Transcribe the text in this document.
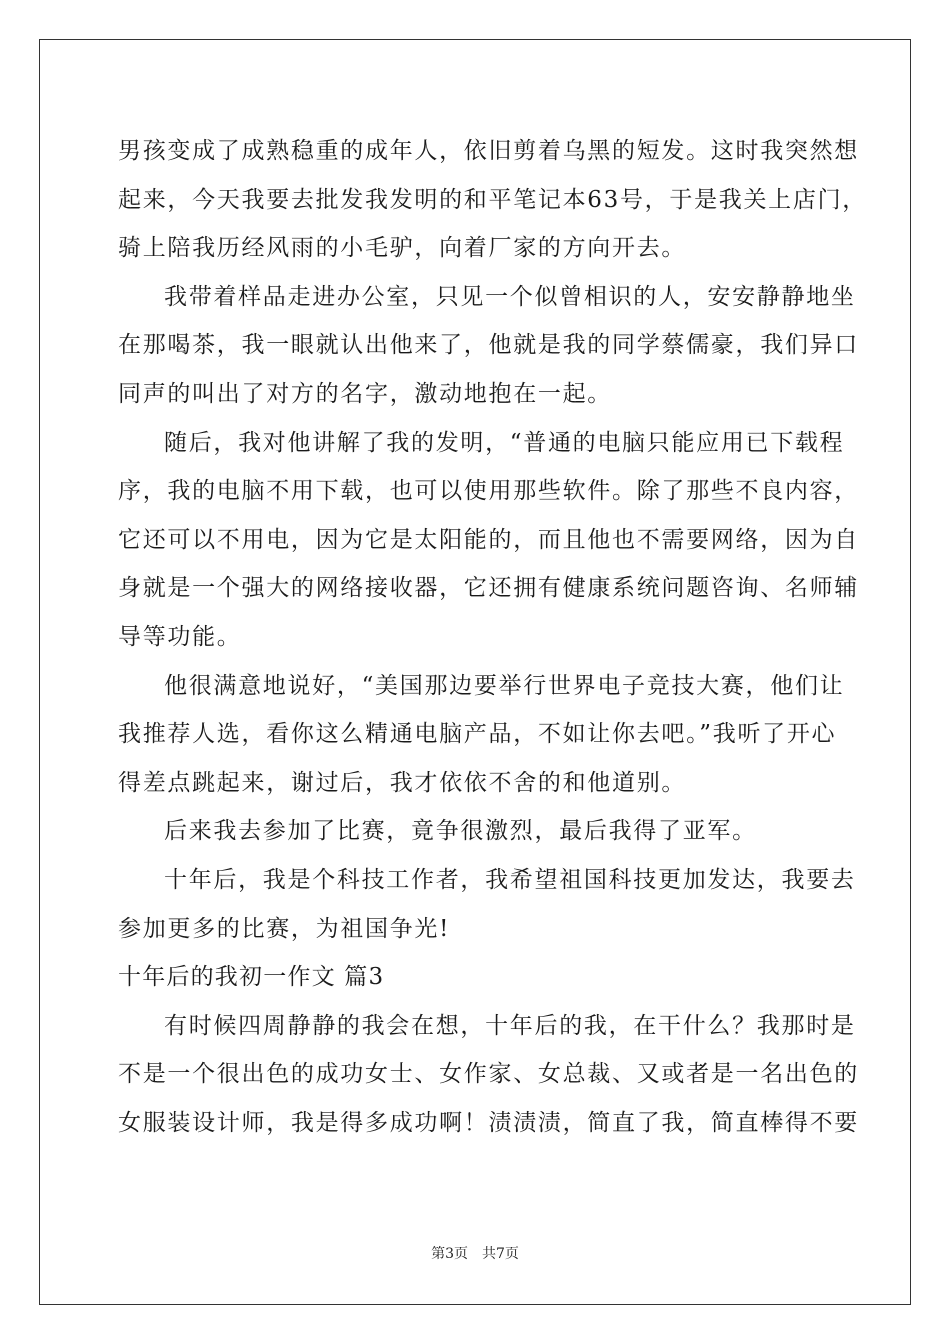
男孩变成了成熟稳重的成年人，依旧剪着乌黑的短发。这时我突然想
起来，今天我要去批发我发明的和平笔记本63号，于是我关上店门，
骑上陪我历经风雨的小毛驴，向着厂家的方向开去。
我带着样品走进办公室，只见一个似曾相识的人，安安静静地坐
在那喝茶，我一眼就认出他来了，他就是我的同学蔡儒豪，我们异口
同声的叫出了对方的名字，激动地抱在一起。
随后，我对他讲解了我的发明，“普通的电脑只能应用已下载程
序，我的电脑不用下载，也可以使用那些软件。除了那些不良内容，
它还可以不用电，因为它是太阳能的，而且他也不需要网络，因为自
身就是一个强大的网络接收器，它还拥有健康系统问题咨询、名师辅
导等功能。
他很满意地说好，“美国那边要举行世界电子竞技大赛，他们让
我推荐人选，看你这么精通电脑产品，不如让你去吧。”我听了开心
得差点跳起来，谢过后，我才依依不舍的和他道别。
后来我去参加了比赛，竟争很激烈，最后我得了亚军。
十年后，我是个科技工作者，我希望祖国科技更加发达，我要去
参加更多的比赛，为祖国争光!
十年后的我初一作文 篇3
有时候四周静静的我会在想，十年后的我，在干什么？我那时是
不是一个很出色的成功女士、女作家、女总裁、又或者是一名出色的
女服装设计师，我是得多成功啊！渍渍渍，简直了我，简直棒得不要
第3页 共7页
